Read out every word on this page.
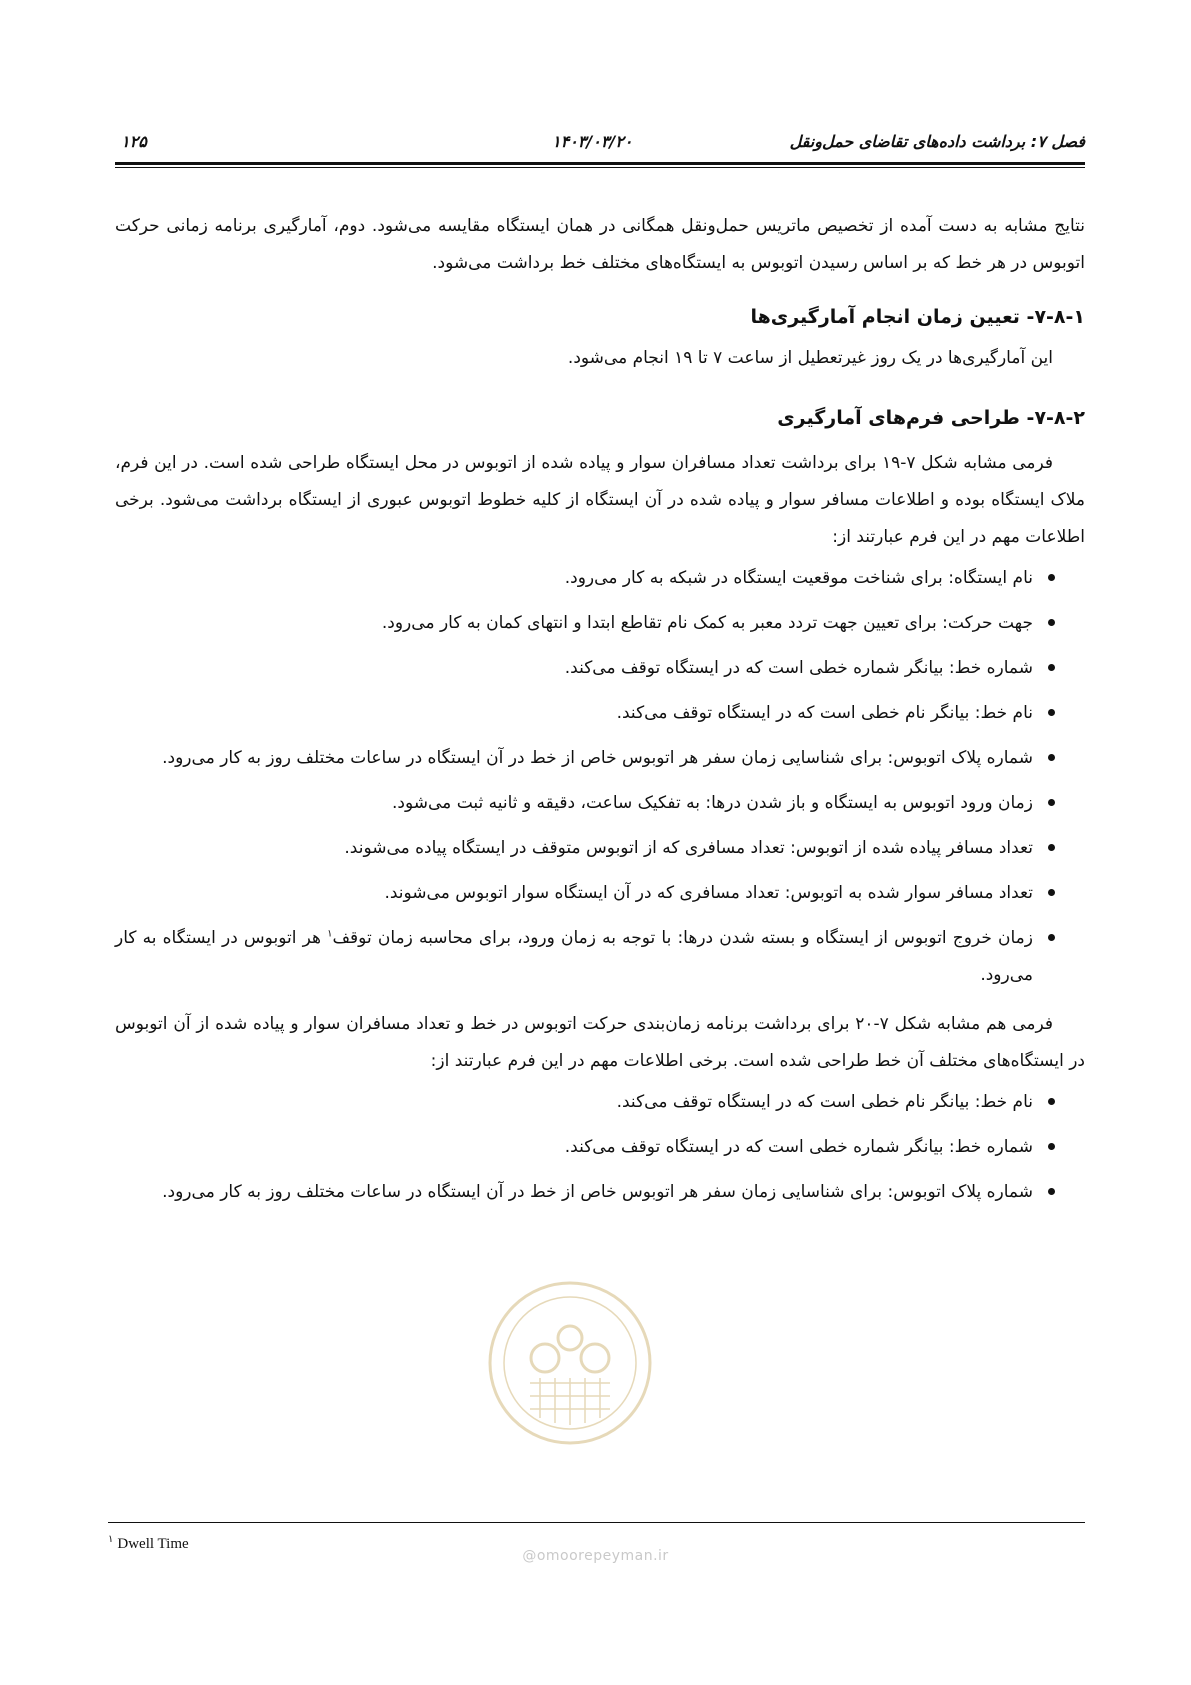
فصل ۷: برداشت داده‌های تقاضای حمل‌ونقل
۱۴۰۳/۰۳/۲۰
۱۲۵

نتایج مشابه به دست آمده از تخصیص ماتریس حمل‌ونقل همگانی در همان ایستگاه مقایسه می‌شود. دوم، آمارگیری برنامه زمانی حرکت اتوبوس در هر خط که بر اساس رسیدن اتوبوس به ایستگاه‌های مختلف خط برداشت می‌شود.

۷-۸-۱- تعیین زمان انجام آمارگیری‌ها

این آمارگیری‌ها در یک روز غیرتعطیل از ساعت ۷ تا ۱۹ انجام می‌شود.

۷-۸-۲- طراحی فرم‌های آمارگیری

فرمی مشابه شکل ۷-۱۹ برای برداشت تعداد مسافران سوار و پیاده شده از اتوبوس در محل ایستگاه طراحی شده است. در این فرم، ملاک ایستگاه بوده و اطلاعات مسافر سوار و پیاده شده در آن ایستگاه از کلیه خطوط اتوبوس عبوری از ایستگاه برداشت می‌شود. برخی اطلاعات مهم در این فرم عبارتند از:

نام ایستگاه: برای شناخت موقعیت ایستگاه در شبکه به کار می‌رود.
جهت حرکت: برای تعیین جهت تردد معبر به کمک نام تقاطع ابتدا و انتهای کمان به کار می‌رود.
شماره خط: بیانگر شماره خطی است که در ایستگاه توقف می‌کند.
نام خط: بیانگر نام خطی است که در ایستگاه توقف می‌کند.
شماره پلاک اتوبوس: برای شناسایی زمان سفر هر اتوبوس خاص از خط در آن ایستگاه در ساعات مختلف روز به کار می‌رود.
زمان ورود اتوبوس به ایستگاه و باز شدن درها: به تفکیک ساعت، دقیقه و ثانیه ثبت می‌شود.
تعداد مسافر پیاده شده از اتوبوس: تعداد مسافری که از اتوبوس متوقف در ایستگاه پیاده می‌شوند.
تعداد مسافر سوار شده به اتوبوس: تعداد مسافری که در آن ایستگاه سوار اتوبوس می‌شوند.
زمان خروج اتوبوس از ایستگاه و بسته شدن درها: با توجه به زمان ورود، برای محاسبه زمان توقف$^۱$ هر اتوبوس در ایستگاه به کار می‌رود.

فرمی هم مشابه شکل ۷-۲۰ برای برداشت برنامه زمان‌بندی حرکت اتوبوس در خط و تعداد مسافران سوار و پیاده شده از آن اتوبوس در ایستگاه‌های مختلف آن خط طراحی شده است. برخی اطلاعات مهم در این فرم عبارتند از:

نام خط: بیانگر نام خطی است که در ایستگاه توقف می‌کند.
شماره خط: بیانگر شماره خطی است که در ایستگاه توقف می‌کند.
شماره پلاک اتوبوس: برای شناسایی زمان سفر هر اتوبوس خاص از خط در آن ایستگاه در ساعات مختلف روز به کار می‌رود.
@omoorepeyman.ir
$^۱$ Dwell Time
